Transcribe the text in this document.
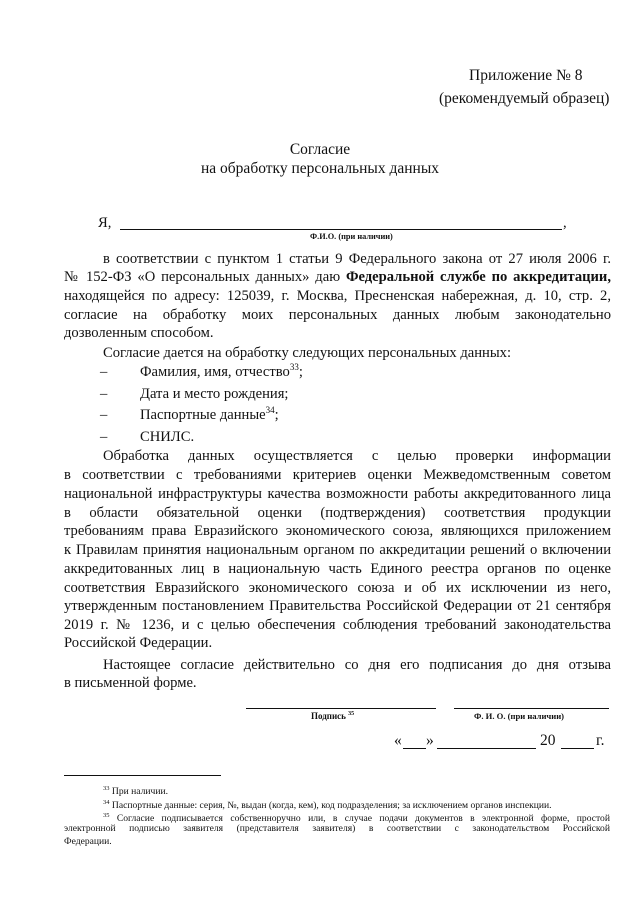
Приложение № 8
(рекомендуемый образец)
Согласие
на обработку персональных данных
Я,	,
Ф.И.О. (при наличии)
в соответствии с пунктом 1 статьи 9 Федерального закона от 27 июля 2006 г.
№ 152-ФЗ «О персональных данных» даю Федеральной службе по аккредитации,
находящейся по адресу: 125039, г. Москва, Пресненская набережная, д. 10, стр. 2,
согласие на обработку моих персональных данных любым законодательно
дозволенным способом.
Согласие дается на обработку следующих персональных данных:
– Фамилия, имя, отчество$^{33}$;
– Дата и место рождения;
– Паспортные данные$^{34}$;
– СНИЛС.
Обработка данных осуществляется с целью проверки информации
в соответствии с требованиями критериев оценки Межведомственным советом
национальной инфраструктуры качества возможности работы аккредитованного лица
в области обязательной оценки (подтверждения) соответствия продукции
требованиям права Евразийского экономического союза, являющихся приложением
к Правилам принятия национальным органом по аккредитации решений о включении
аккредитованных лиц в национальную часть Единого реестра органов по оценке
соответствия Евразийского экономического союза и об их исключении из него,
утвержденным постановлением Правительства Российской Федерации от 21 сентября
2019 г. № 1236, и с целью обеспечения соблюдения требований законодательства
Российской Федерации.
Настоящее согласие действительно со дня его подписания до дня отзыва
в письменной форме.
Подпись $^{35}$	Ф. И. О. (при наличии)
« »	20	г.
$^{33}$ При наличии.
$^{34}$ Паспортные данные: серия, №, выдан (когда, кем), код подразделения; за исключением органов инспекции.
$^{35}$ Согласие подписывается собственноручно или, в случае подачи документов в электронной форме, простой
электронной подписью заявителя (представителя заявителя) в соответствии с законодательством Российской
Федерации.
